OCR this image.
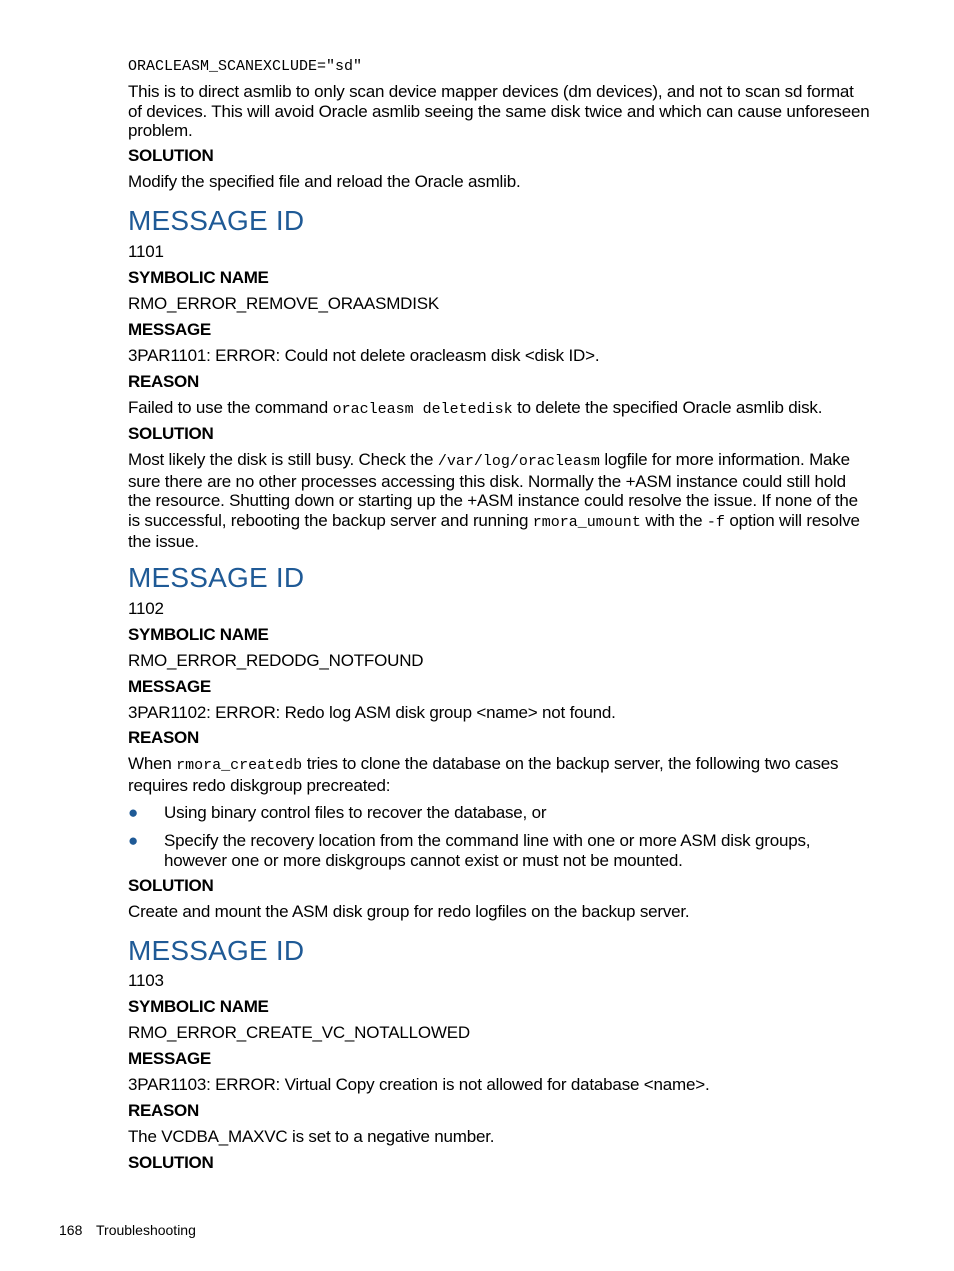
ORACLEASM_SCANEXCLUDE="sd"
This is to direct asmlib to only scan device mapper devices (dm devices), and not to scan sd format of devices. This will avoid Oracle asmlib seeing the same disk twice and which can cause unforeseen problem.
SOLUTION
Modify the specified file and reload the Oracle asmlib.
MESSAGE ID
1101
SYMBOLIC NAME
RMO_ERROR_REMOVE_ORAASMDISK
MESSAGE
3PAR1101: ERROR: Could not delete oracleasm disk <disk ID>.
REASON
Failed to use the command oracleasm deletedisk to delete the specified Oracle asmlib disk.
SOLUTION
Most likely the disk is still busy. Check the /var/log/oracleasm logfile for more information. Make sure there are no other processes accessing this disk. Normally the +ASM instance could still hold the resource. Shutting down or starting up the +ASM instance could resolve the issue. If none of the is successful, rebooting the backup server and running rmora_umount with the -f option will resolve the issue.
MESSAGE ID
1102
SYMBOLIC NAME
RMO_ERROR_REDODG_NOTFOUND
MESSAGE
3PAR1102: ERROR: Redo log ASM disk group <name> not found.
REASON
When rmora_createdb tries to clone the database on the backup server, the following two cases requires redo diskgroup precreated:
● Using binary control files to recover the database, or
● Specify the recovery location from the command line with one or more ASM disk groups, however one or more diskgroups cannot exist or must not be mounted.
SOLUTION
Create and mount the ASM disk group for redo logfiles on the backup server.
MESSAGE ID
1103
SYMBOLIC NAME
RMO_ERROR_CREATE_VC_NOTALLOWED
MESSAGE
3PAR1103: ERROR: Virtual Copy creation is not allowed for database <name>.
REASON
The VCDBA_MAXVC is set to a negative number.
SOLUTION
168 Troubleshooting
